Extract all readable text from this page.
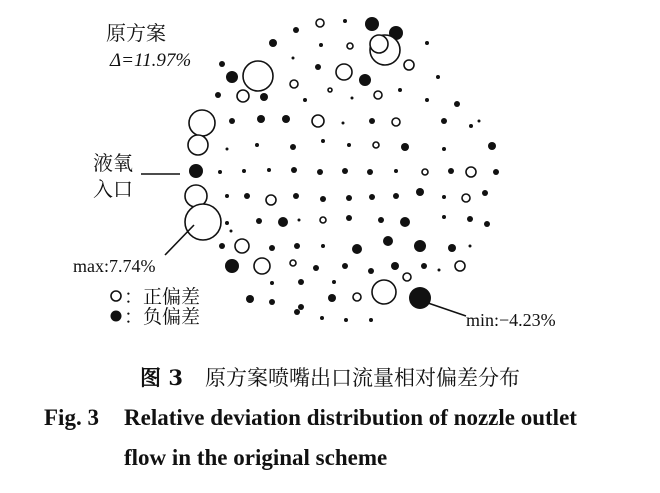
原方案
Δ=11.97%
液氧
入口
max:7.74%
min:−4.23%
：正偏差
：负偏差
图 3 原方案喷嘴出口流量相对偏差分布
Fig. 3 Relative deviation distribution of nozzle outlet
flow in the original scheme
